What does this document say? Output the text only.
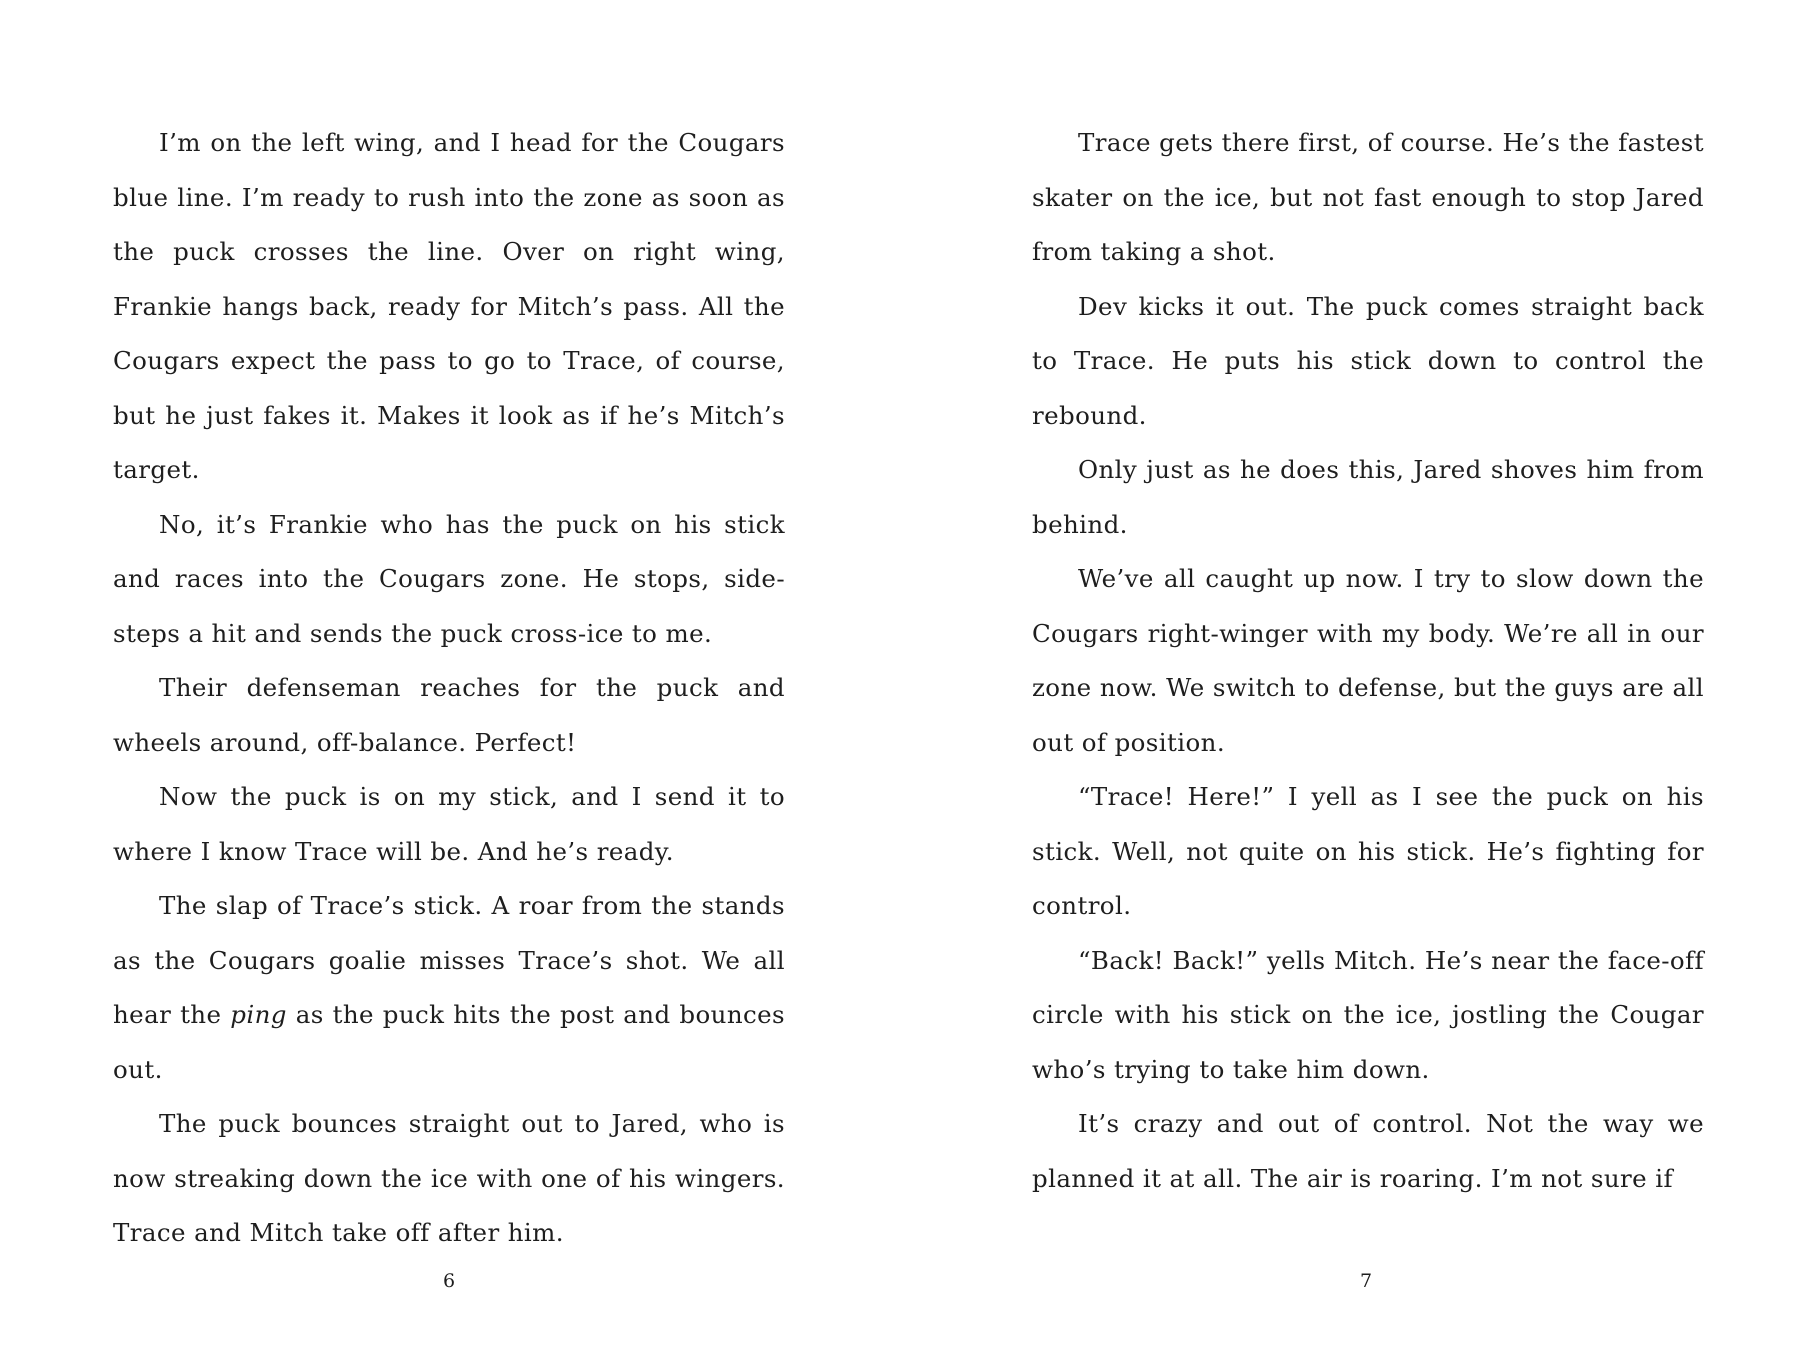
I’m on the left wing, and I head for the Cougars blue line. I’m ready to rush into the zone as soon as the puck crosses the line. Over on right wing, Frankie hangs back, ready for Mitch’s pass. All the Cougars expect the pass to go to Trace, of course, but he just fakes it. Makes it look as if he’s Mitch’s target.

No, it’s Frankie who has the puck on his stick and races into the Cougars zone. He stops, side-steps a hit and sends the puck cross-ice to me.

Their defenseman reaches for the puck and wheels around, off-balance. Perfect!

Now the puck is on my stick, and I send it to where I know Trace will be. And he’s ready.

The slap of Trace’s stick. A roar from the stands as the Cougars goalie misses Trace’s shot. We all hear the ping as the puck hits the post and bounces out.

The puck bounces straight out to Jared, who is now streaking down the ice with one of his wingers. Trace and Mitch take off after him.

6

Trace gets there first, of course. He’s the fastest skater on the ice, but not fast enough to stop Jared from taking a shot.

Dev kicks it out. The puck comes straight back to Trace. He puts his stick down to control the rebound.

Only just as he does this, Jared shoves him from behind.

We’ve all caught up now. I try to slow down the Cougars right-winger with my body. We’re all in our zone now. We switch to defense, but the guys are all out of position.

“Trace! Here!” I yell as I see the puck on his stick. Well, not quite on his stick. He’s fighting for control.

“Back! Back!” yells Mitch. He’s near the face-off circle with his stick on the ice, jostling the Cougar who’s trying to take him down.

It’s crazy and out of control. Not the way we planned it at all. The air is roaring. I’m not sure if

7
